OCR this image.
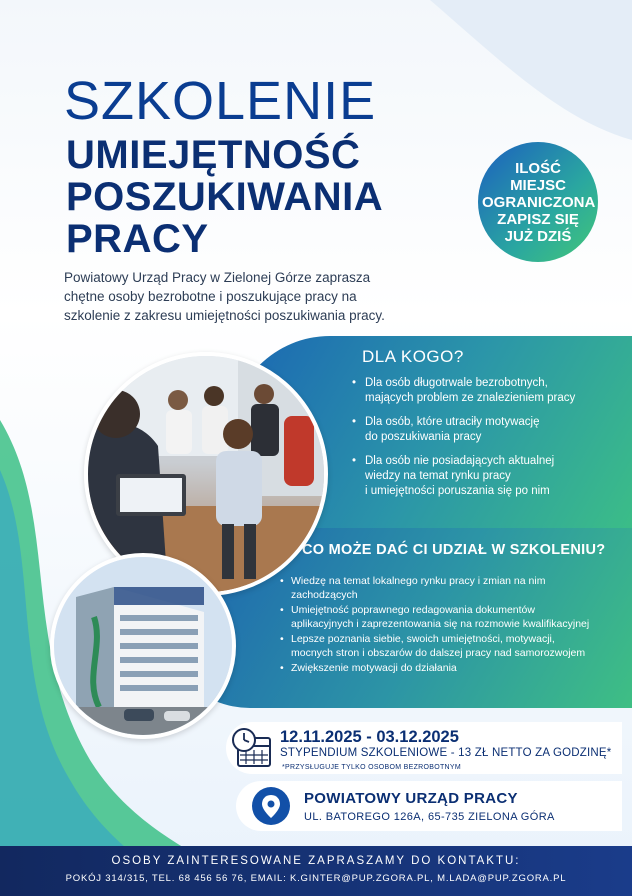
SZKOLENIE
UMIEJĘTNOŚĆ
POSZUKIWANIA
PRACY
Powiatowy Urząd Pracy w Zielonej Górze zaprasza chętne osoby bezrobotne i poszukujące pracy na szkolenie z zakresu umiejętności poszukiwania pracy.
ILOŚĆ
MIEJSC
OGRANICZONA
ZAPISZ SIĘ
JUŻ DZIŚ
DLA KOGO?
• Dla osób długotrwale bezrobotnych,
mających problem ze znalezieniem pracy
• Dla osób, które utraciły motywację
do poszukiwania pracy
• Dla osób nie posiadających aktualnej
wiedzy na temat rynku pracy
i umiejętności poruszania się po nim
CO MOŻE DAĆ CI UDZIAŁ W SZKOLENIU?
• Wiedzę na temat lokalnego rynku pracy i zmian na nim
zachodzących
• Umiejętność poprawnego redagowania dokumentów
aplikacyjnych i zaprezentowania się na rozmowie kwalifikacyjnej
• Lepsze poznania siebie, swoich umiejętności, motywacji,
mocnych stron i obszarów do dalszej pracy nad samorozwojem
• Zwiększenie motywacji do działania
12.11.2025 - 03.12.2025
STYPENDIUM SZKOLENIOWE - 13 ZŁ NETTO ZA GODZINĘ*
*PRZYSŁUGUJE TYLKO OSOBOM BEZROBOTNYM
POWIATOWY URZĄD PRACY
UL. BATOREGO 126A, 65-735 ZIELONA GÓRA
OSOBY ZAINTERESOWANE ZAPRASZAMY DO KONTAKTU:
POKÓJ 314/315, TEL. 68 456 56 76, EMAIL: K.GINTER@PUP.ZGORA.PL, M.LADA@PUP.ZGORA.PL
